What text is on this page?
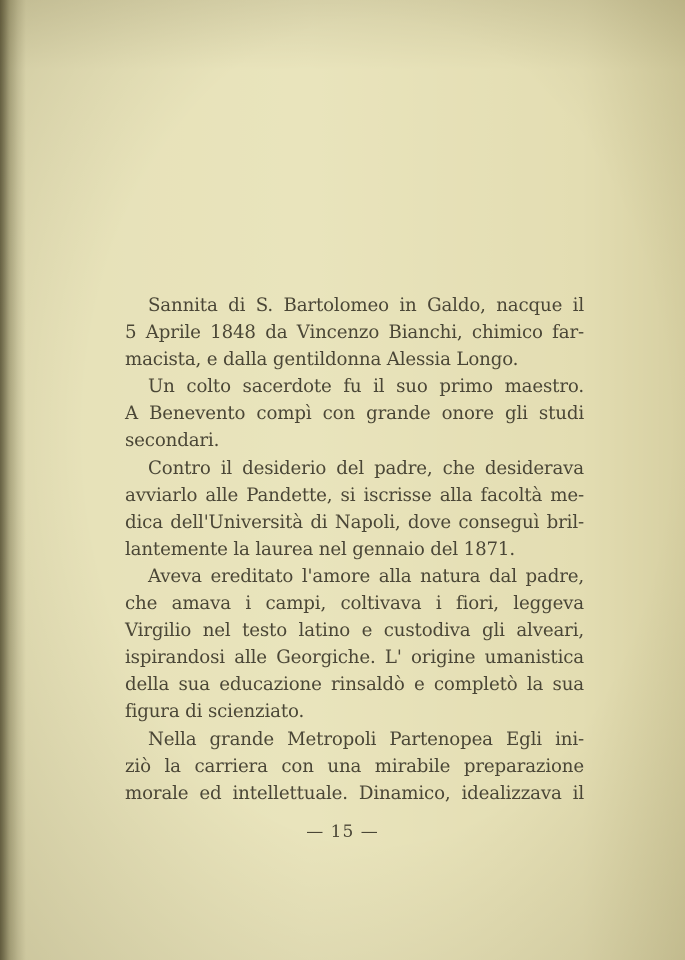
Sannita di S. Bartolomeo in Galdo, nacque il
5 Aprile 1848 da Vincenzo Bianchi, chimico far-
macista, e dalla gentildonna Alessia Longo.
Un colto sacerdote fu il suo primo maestro.
A Benevento compì con grande onore gli studi
secondari.
Contro il desiderio del padre, che desiderava
avviarlo alle Pandette, si iscrisse alla facoltà me-
dica dell'Università di Napoli, dove conseguì bril-
lantemente la laurea nel gennaio del 1871.
Aveva ereditato l'amore alla natura dal padre,
che amava i campi, coltivava i fiori, leggeva
Virgilio nel testo latino e custodiva gli alveari,
ispirandosi alle Georgiche. L' origine umanistica
della sua educazione rinsaldò e completò la sua
figura di scienziato.
Nella grande Metropoli Partenopea Egli ini-
ziò la carriera con una mirabile preparazione
morale ed intellettuale. Dinamico, idealizzava il
— 15 —
